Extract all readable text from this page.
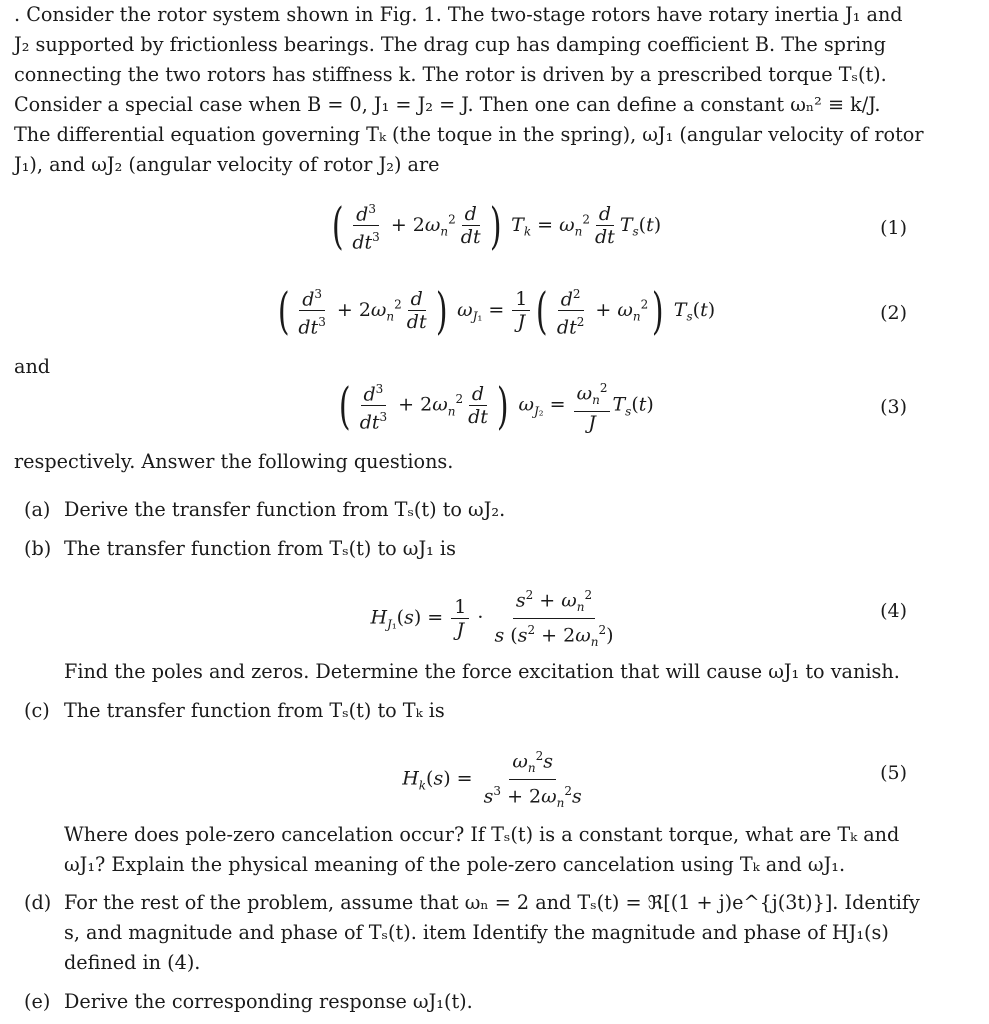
. Consider the rotor system shown in Fig. 1. The two-stage rotors have rotary inertia J₁ and
J₂ supported by frictionless bearings. The drag cup has damping coefficient B. The spring
connecting the two rotors has stiffness k. The rotor is driven by a prescribed torque Tₛ(t).
Consider a special case when B = 0, J₁ = J₂ = J. Then one can define a constant ωₙ² ≡ k/J.
The differential equation governing Tₖ (the toque in the spring), ωJ₁ (angular velocity of rotor
J₁), and ωJ₂ (angular velocity of rotor J₂) are
( $\frac{d^3}{dt^3} + 2\omega_n^2 \frac{d}{dt}$ ) $T_k = \omega_n^2 \frac{d}{dt} T_s(t)$	(1)
( $\frac{d^3}{dt^3} + 2\omega_n^2 \frac{d}{dt}$ ) $\omega_{J_1} = \frac{1}{J}$ ( $\frac{d^2}{dt^2} + \omega_n^2$) $T_s(t)$	(2)
and
( $\frac{d^3}{dt^3} + 2\omega_n^2 \frac{d}{dt}$ ) $\omega_{J_2} = \frac{\omega_n^2}{J} T_s(t)$	(3)
respectively. Answer the following questions.
(a) Derive the transfer function from Tₛ(t) to ωJ₂.
(b) The transfer function from Tₛ(t) to ωJ₁ is
$H_{J_1}(s) = \frac{1}{J} \cdot \frac{s^2 + \omega_n^2}{s (s^2 + 2\omega_n^2)}$	(4)
Find the poles and zeros. Determine the force excitation that will cause ωJ₁ to vanish.
(c) The transfer function from Tₛ(t) to Tₖ is
$H_k(s) = \frac{\omega_n^2s}{s^3 + 2\omega_n^2s}$	(5)
Where does pole-zero cancelation occur? If Tₛ(t) is a constant torque, what are Tₖ and
ωJ₁? Explain the physical meaning of the pole-zero cancelation using Tₖ and ωJ₁.
(d) For the rest of the problem, assume that ωₙ = 2 and Tₛ(t) = ℜ[(1 + j)e^{j(3t)}]. Identify
s, and magnitude and phase of Tₛ(t). item Identify the magnitude and phase of HJ₁(s)
defined in (4).
(e) Derive the corresponding response ωJ₁(t).
